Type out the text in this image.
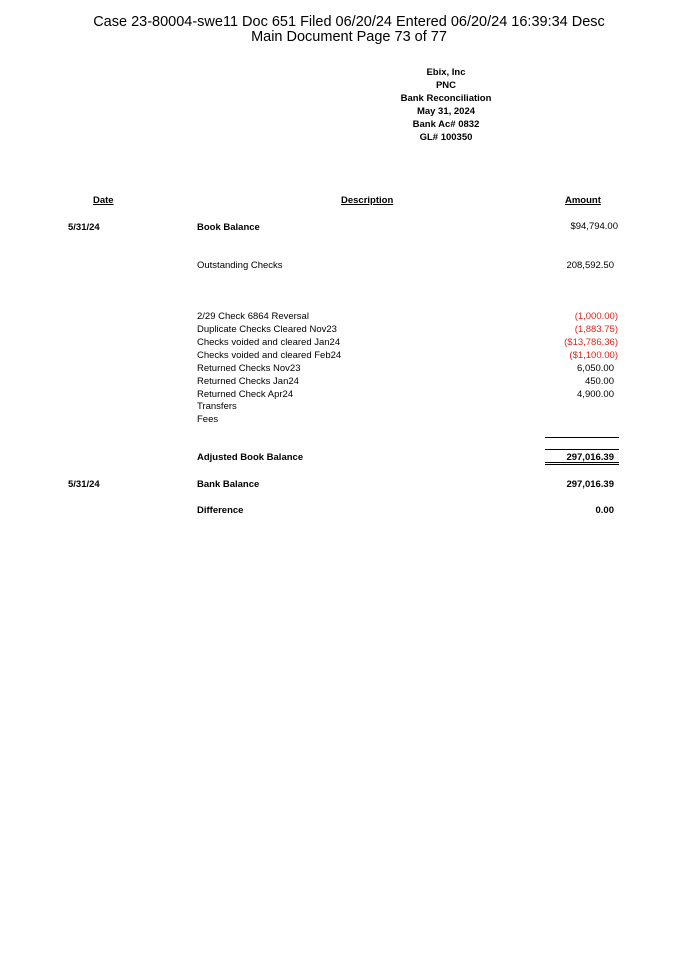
Case 23-80004-swe11 Doc 651 Filed 06/20/24 Entered 06/20/24 16:39:34 Desc
Main Document Page 73 of 77
Ebix, Inc
PNC
Bank Reconciliation
May 31, 2024
Bank Ac# 0832
GL# 100350
Date	Description	Amount
5/31/24	Book Balance	$94,794.00
Outstanding Checks	208,592.50
2/29 Check 6864 Reversal	(1,000.00)
Duplicate Checks Cleared Nov23	(1,883.75)
Checks voided and cleared Jan24	($13,786.36)
Checks voided and cleared Feb24	($1,100.00)
Returned Checks Nov23	6,050.00
Returned Checks Jan24	450.00
Returned Check Apr24	4,900.00
Transfers
Fees
Adjusted Book Balance	297,016.39
5/31/24	Bank Balance	297,016.39
Difference	0.00
